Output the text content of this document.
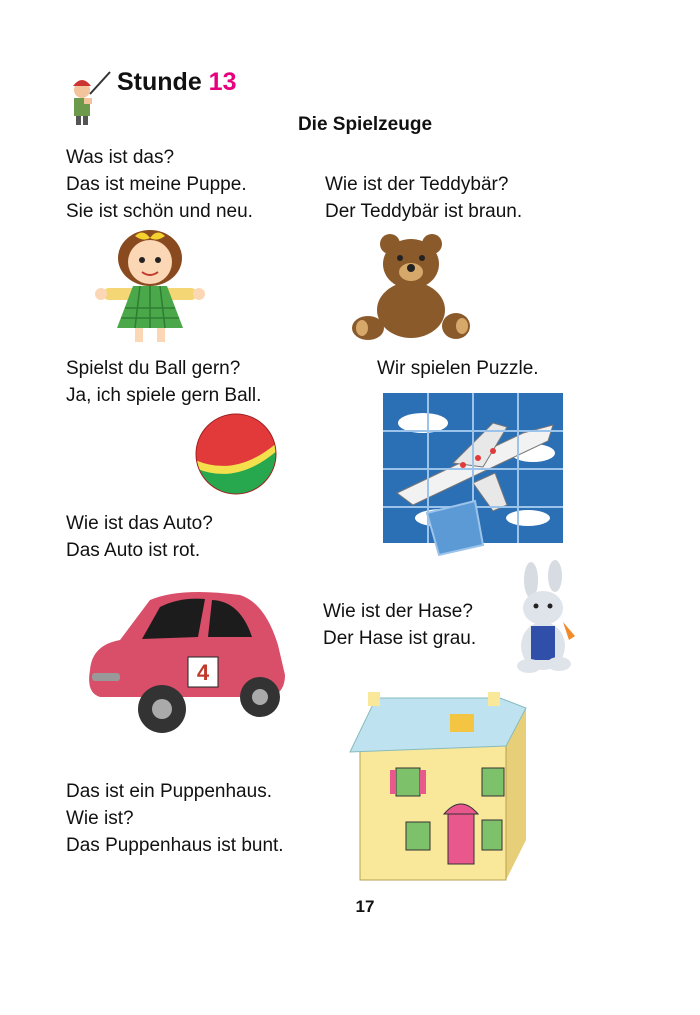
Stunde 13
Die Spielzeuge
Was ist das?
Das ist meine Puppe.
Sie ist schön und neu.
Wie ist der Teddybär?
Der Teddybär ist braun.
Spielst du Ball gern?
Ja, ich spiele gern Ball.
Wir spielen Puzzle.
Wie ist das Auto?
Das Auto ist rot.
4
Wie ist der Hase?
Der Hase ist grau.
Das ist ein Puppenhaus.
Wie ist?
Das Puppenhaus ist bunt.
17
